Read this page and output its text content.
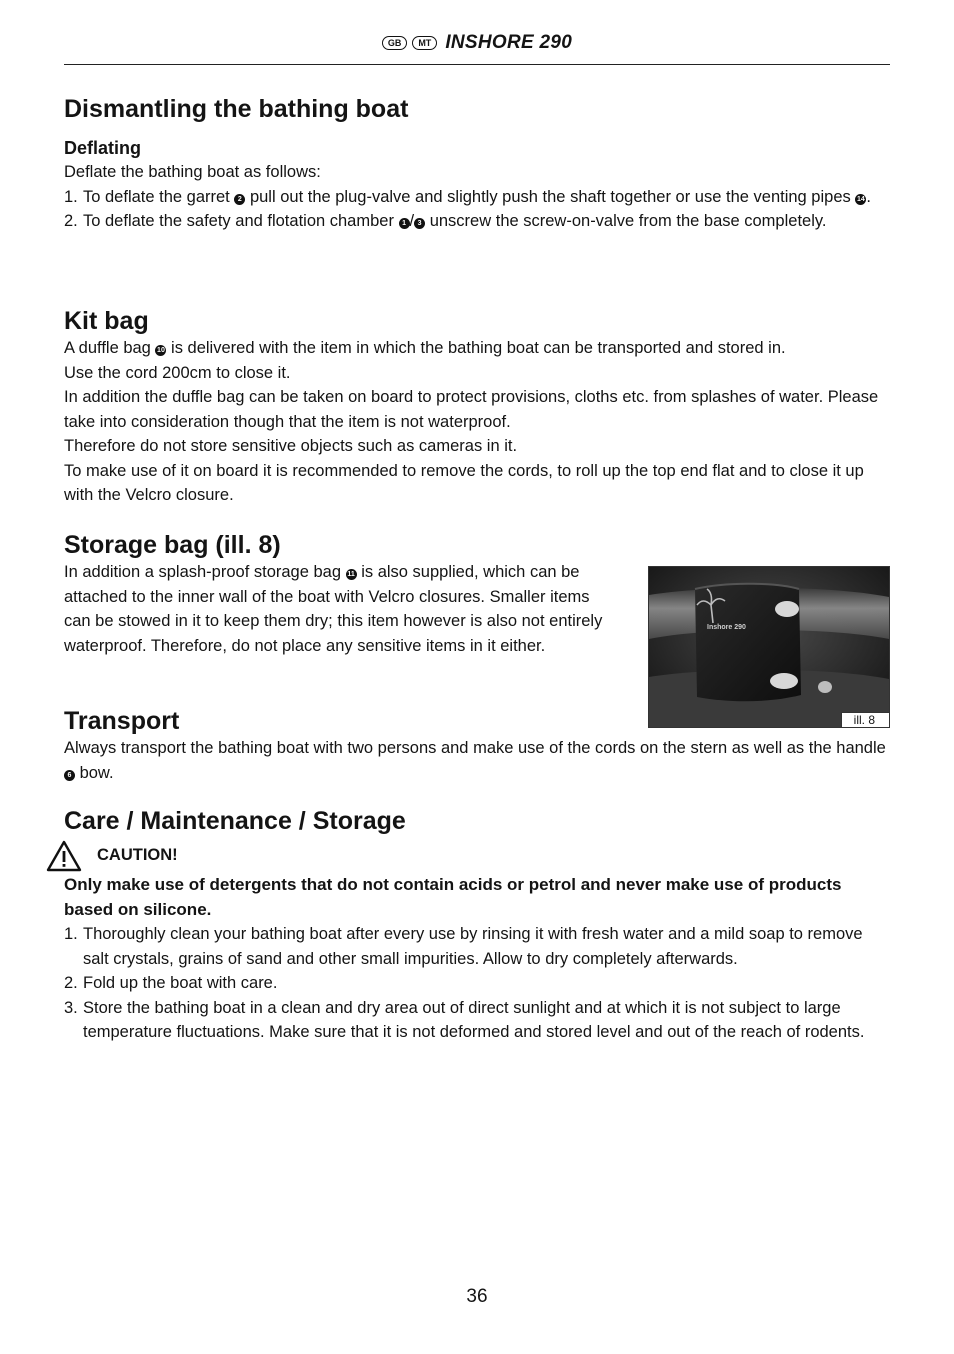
GB	MT INSHORE 290
Dismantling the bathing boat
Deflating

Deflate the bathing boat as follows:

1. To deflate the garret 2 pull out the plug-valve and slightly push the shaft together or use the venting pipes 14.
2. To deflate the safety and flotation chamber 1 / 3 unscrew the screw-on-valve from the base completely.
Kit bag

A duffle bag 10 is delivered with the item in which the bathing boat can be transported and stored in.

Use the cord 200cm to close it.

In addition the duffle bag can be taken on board to protect provisions, cloths etc. from splashes of water. Please take into consideration though that the item is not waterproof.

Therefore do not store sensitive objects such as cameras in it.

To make use of it on board it is recommended to remove the cords, to roll up the top end flat and to close it up with the Velcro closure.

Storage bag (ill. 8)

In addition a splash-proof storage bag 11 is also supplied, which can be attached to the inner wall of the boat with Velcro closures. Smaller items can be stowed in it to keep them dry; this item however is also not entirely waterproof. Therefore, do not place any sensitive items in it either.

Inshore 290
ill. 8
Transport

Always transport the bathing boat with two persons and make use of the cords on the stern as well as the handle 6 bow.

Care / Maintenance / Storage
CAUTION!

Only make use of detergents that do not contain acids or petrol and never make use of products based on silicone.

1. Thoroughly clean your bathing boat after every use by rinsing it with fresh water and a mild soap to remove salt crystals, grains of sand and other small impurities. Allow to dry completely afterwards.
2. Fold up the boat with care.
3. Store the bathing boat in a clean and dry area out of direct sunlight and at which it is not subject to large temperature fluctuations. Make sure that it is not deformed and stored level and out of the reach of rodents.
36
